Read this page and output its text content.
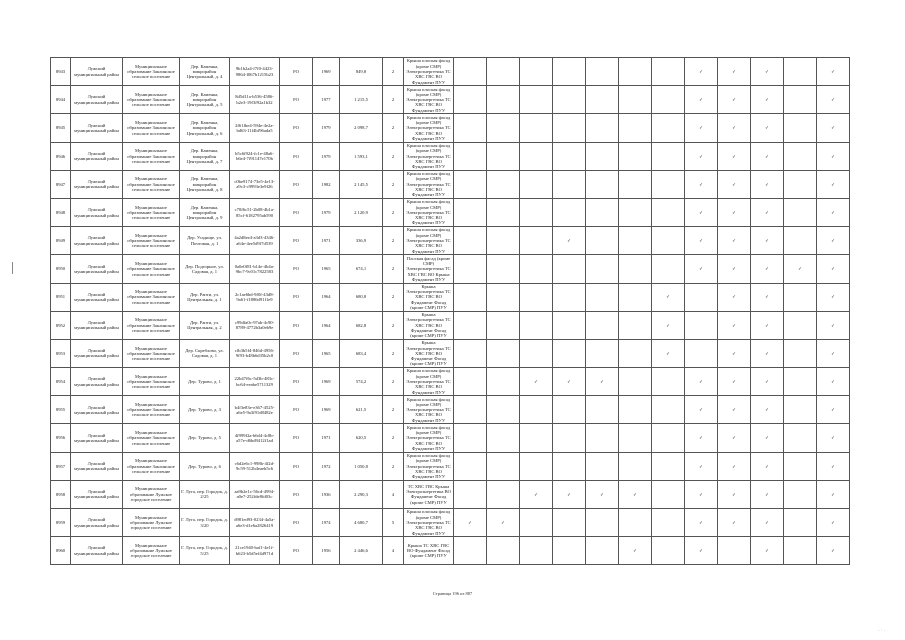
8943	Лужский муниципальный район	Муниципальное образование Заклинское сельское поселение	Дер. Каменка, микрорайон Центральный, д. 4	9b1b2a4-f7f0-4423-9864-f067b1215b23	FO	1969	849,8	2	Крыша плоская фасад (кроме СМР) Электроэнергетика ТС ХВС ГВС ВО Фундамент ПУУ								✓	✓	✓		✓
8944	Лужский муниципальный район	Муниципальное образование Заклинское сельское поселение	Дер. Каменка, микрорайон Центральный, д. 5	8d5d11a-b536-4586-b2e3-19f3f92a1b32	FO	1977	1 215,5	2	Крыша плоская фасад (кроме СМР) Электроэнергетика ТС ХВС ГВС ВО Фундамент ПУУ								✓	✓	✓		✓
8945	Лужский муниципальный район	Муниципальное образование Заклинское сельское поселение	Дер. Каменка, микрорайон Центральный, д. 6	2f61fbe4-594e-4e2a-bd63-11f4bf96ada5	FO	1979	2 098,7	2	Крыша плоская фасад (кроме СМР) Электроэнергетика ТС ХВС ГВС ВО Фундамент ПУУ								✓	✓	✓		✓
8946	Лужский муниципальный район	Муниципальное образование Заклинское сельское поселение	Дер. Каменка, микрорайон Центральный, д. 7	b5c6f924-fc1e-48a6-b6e4-7f91147e170b	FO	1979	1 593,1	2	Крыша плоская фасад (кроме СМР) Электроэнергетика ТС ХВС ГВС ВО Фундамент ПУУ								✓	✓	✓		✓
8947	Лужский муниципальный район	Муниципальное образование Заклинское сельское поселение	Дер. Каменка, микрорайон Центральный, д. 8	c0be9174-73e5-4e13-a9c3-c9993e3e9f26	FO	1982	2 145,5	2	Крыша плоская фасад (кроме СМР) Электроэнергетика ТС ХВС ГВС ВО Фундамент ПУУ								✓	✓	✓		✓
8948	Лужский муниципальный район	Муниципальное образование Заклинское сельское поселение	Дер. Каменка, микрорайон Центральный, д. 9	c70f6c51-2b08-4b1a-85cf-6182795ab590	FO	1979	2 120,9	2	Крыша плоская фасад (кроме СМР) Электроэнергетика ТС ХВС ГВС ВО Фундамент ПУУ								✓	✓	✓		✓
8949	Лужский муниципальный район	Муниципальное образование Заклинское сельское поселение	Дер. Усадище, ул. Почтовая, д. 1	4a2d8ee4-a3d3-4346-a64e-4ee5d9f7d539	FO	1971	336,9	2	Крыша плоская фасад (кроме СМР) Электроэнергетика ТС ХВС ГВС ВО Фундамент ПУУ				✓				✓	✓	✓		✓
8950	Лужский муниципальный район	Муниципальное образование Заклинское сельское поселение	Дер. Подгорное, ул. Садовая, д. 1	0a0e0f81-b14e-4b4a-9bc7-9c01c7822583	FO	1965	674,1	2	Плоская фасад (кроме СМР) Электроэнергетика ТС ХВС ГВС ВО Крыша Фундамент ПУУ								✓	✓	✓	✓	✓
8951	Лужский муниципальный район	Муниципальное образование Заклинское сельское поселение	Дер. Рапти, ул. Центральная, д. 1	2c1ae6bd-9f0f-43d8-9a61-f1886d91f1e9	FO	1964	680,8	2	Крыша Электроэнергетика ТС ХВС ГВС ВО Фундамент Фасад (кроме СМР) ПУУ							✓		✓	✓		✓
8952	Лужский муниципальный район	Муниципальное образование Заклинское сельское поселение	Дер. Рапти, ул. Центральная, д. 2	c99dfa0c-97ab-4c90-8789-4772b3a0eb9e	FO	1964	682,8	2	Крыша Электроэнергетика ТС ХВС ГВС ВО Фундамент Фасад (кроме СМР) ПУУ							✓		✓	✓		✓
8953	Лужский муниципальный район	Муниципальное образование Заклинское сельское поселение	Дер. Скреблово, ул. Садовая, д. 1	cfb3b5f4-846d-4956-9f93-b48b6d35b2c0	FO	1965	683,4	2	Крыша Электроэнергетика ТС ХВС ГВС ВО Фундамент Фасад (кроме СМР) ПУУ							✓		✓	✓		✓
8954	Лужский муниципальный район	Муниципальное образование Заклинское сельское поселение	Дер. Турово, д. 1	22b47f6c-5d3b-483c-bc64-eeabe5711329	FO	1969	574,2	2	Крыша плоская фасад (кроме СМР) Электроэнергетика ТС ХВС ГВС ВО Фундамент ПУУ			✓	✓	✓			✓	✓	✓		✓
8955	Лужский муниципальный район	Муниципальное образование Заклинское сельское поселение	Дер. Турово, д. 3	b4f3e83e-e367-4525-a6e5-9a3f91d8482e	FO	1969	621,5	2	Крыша плоская фасад (кроме СМР) Электроэнергетика ТС ХВС ГВС ВО Фундамент ПУУ								✓	✓	✓		✓
8956	Лужский муниципальный район	Муниципальное образование Заклинское сельское поселение	Дер. Турово, д. 5	4f999f2a-b6d4-4c8b-a57e-d6bd9412f1ad	FO	1971	620,5	2	Крыша плоская фасад (кроме СМР) Электроэнергетика ТС ХВС ГВС ВО Фундамент ПУУ								✓	✓	✓		✓
8957	Лужский муниципальный район	Муниципальное образование Заклинское сельское поселение	Дер. Турово, д. 6	c6d2e6c1-998b-4f2d-9c59-512b4eaeb5c6	FO	1972	1 050,8	2	Крыша плоская фасад (кроме СМР) Электроэнергетика ТС ХВС ГВС ВО Фундамент ПУУ								✓	✓	✓		✓
8958	Лужский муниципальный район	Муниципальное образование Лужское городское поселение	Г. Луга, пер. Городок, д. 2/25	aa9b2e1c-56cd-4994-a0e7-252fde8fd03c	FO	1936	2 290,3	4	ТС ХВС ГВС Крыша Электроэнергетика ВО Фундамент Фасад (кроме СМР) ПУУ			✓	✓	✓	✓		✓	✓	✓		✓
8959	Лужский муниципальный район	Муниципальное образование Лужское городское поселение	Г. Луга, пер. Городок, д. 3/20	d981ed93-0234-4a5a-a6e3-d1e6a2826419	FO	1974	4 680,7	5	Крыша плоская фасад (кроме СМР) Электроэнергетика ТС ХВС ГВС ВО Фундамент ПУУ	✓	✓						✓	✓	✓		✓
8960	Лужский муниципальный район	Муниципальное образование Лужское городское поселение	Г. Луга, пер. Городок, д. 5/25	21ce1940-baf1-4e1f-b623-b5d5ef4d971d	FO	1956	2 446,6	4	Крыша ТС ХВС ГВС ВО Фундамент Фасад (кроме СМР) ПУУ						✓		✓		✓		✓
Страница 196 из 887
. · .
